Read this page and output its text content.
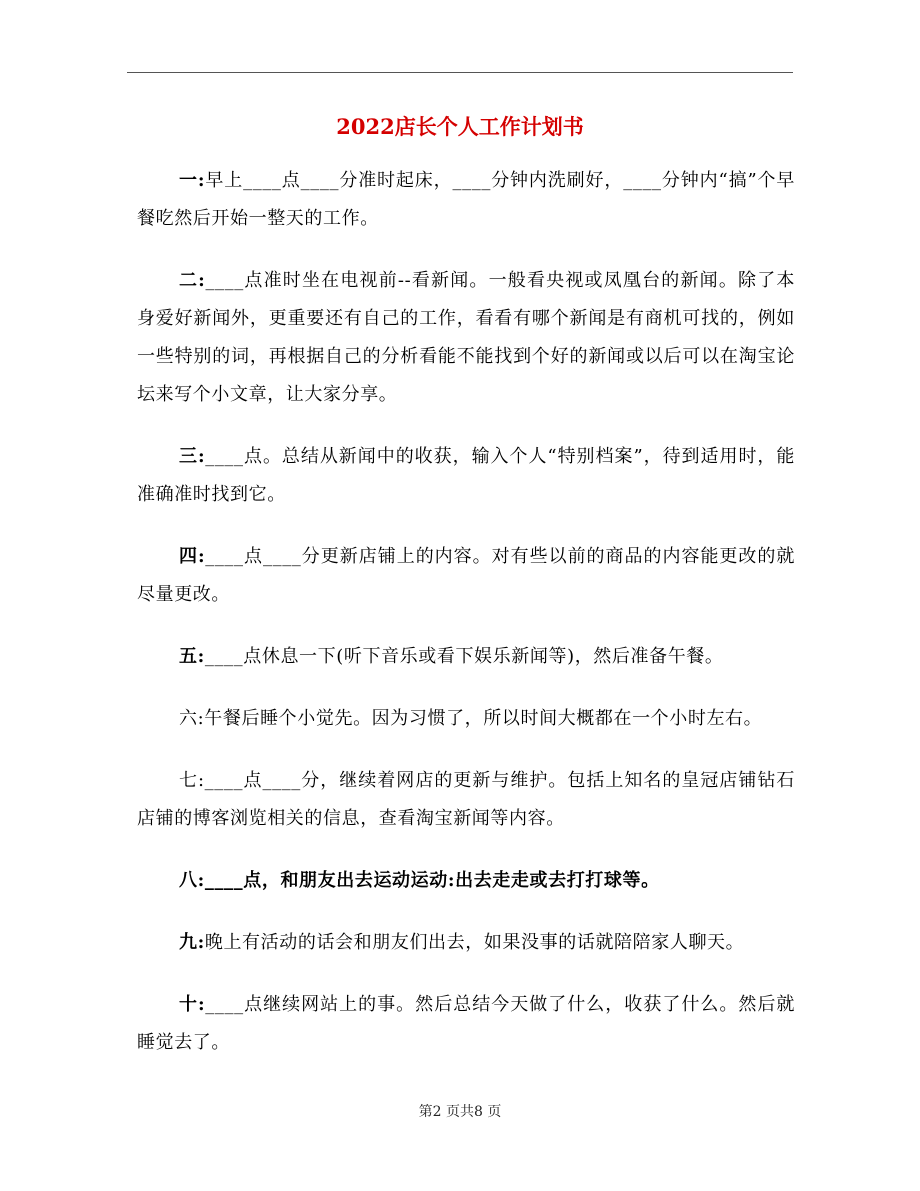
2022店长个人工作计划书

一:早上____点____分准时起床，____分钟内洗刷好，____分钟内“搞”个早餐吃然后开始一整天的工作。

二:____点准时坐在电视前--看新闻。一般看央视或凤凰台的新闻。除了本身爱好新闻外，更重要还有自己的工作，看看有哪个新闻是有商机可找的，例如一些特别的词，再根据自己的分析看能不能找到个好的新闻或以后可以在淘宝论坛来写个小文章，让大家分享。

三:____点。总结从新闻中的收获，输入个人“特别档案”，待到适用时，能准确准时找到它。

四:____点____分更新店铺上的内容。对有些以前的商品的内容能更改的就尽量更改。

五:____点休息一下(听下音乐或看下娱乐新闻等)，然后准备午餐。

六:午餐后睡个小觉先。因为习惯了，所以时间大概都在一个小时左右。

七:____点____分，继续着网店的更新与维护。包括上知名的皇冠店铺钻石店铺的博客浏览相关的信息，查看淘宝新闻等内容。

八:____点，和朋友出去运动运动:出去走走或去打打球等。

九:晚上有活动的话会和朋友们出去，如果没事的话就陪陪家人聊天。

十:____点继续网站上的事。然后总结今天做了什么，收获了什么。然后就睡觉去了。

第2 页共8 页
